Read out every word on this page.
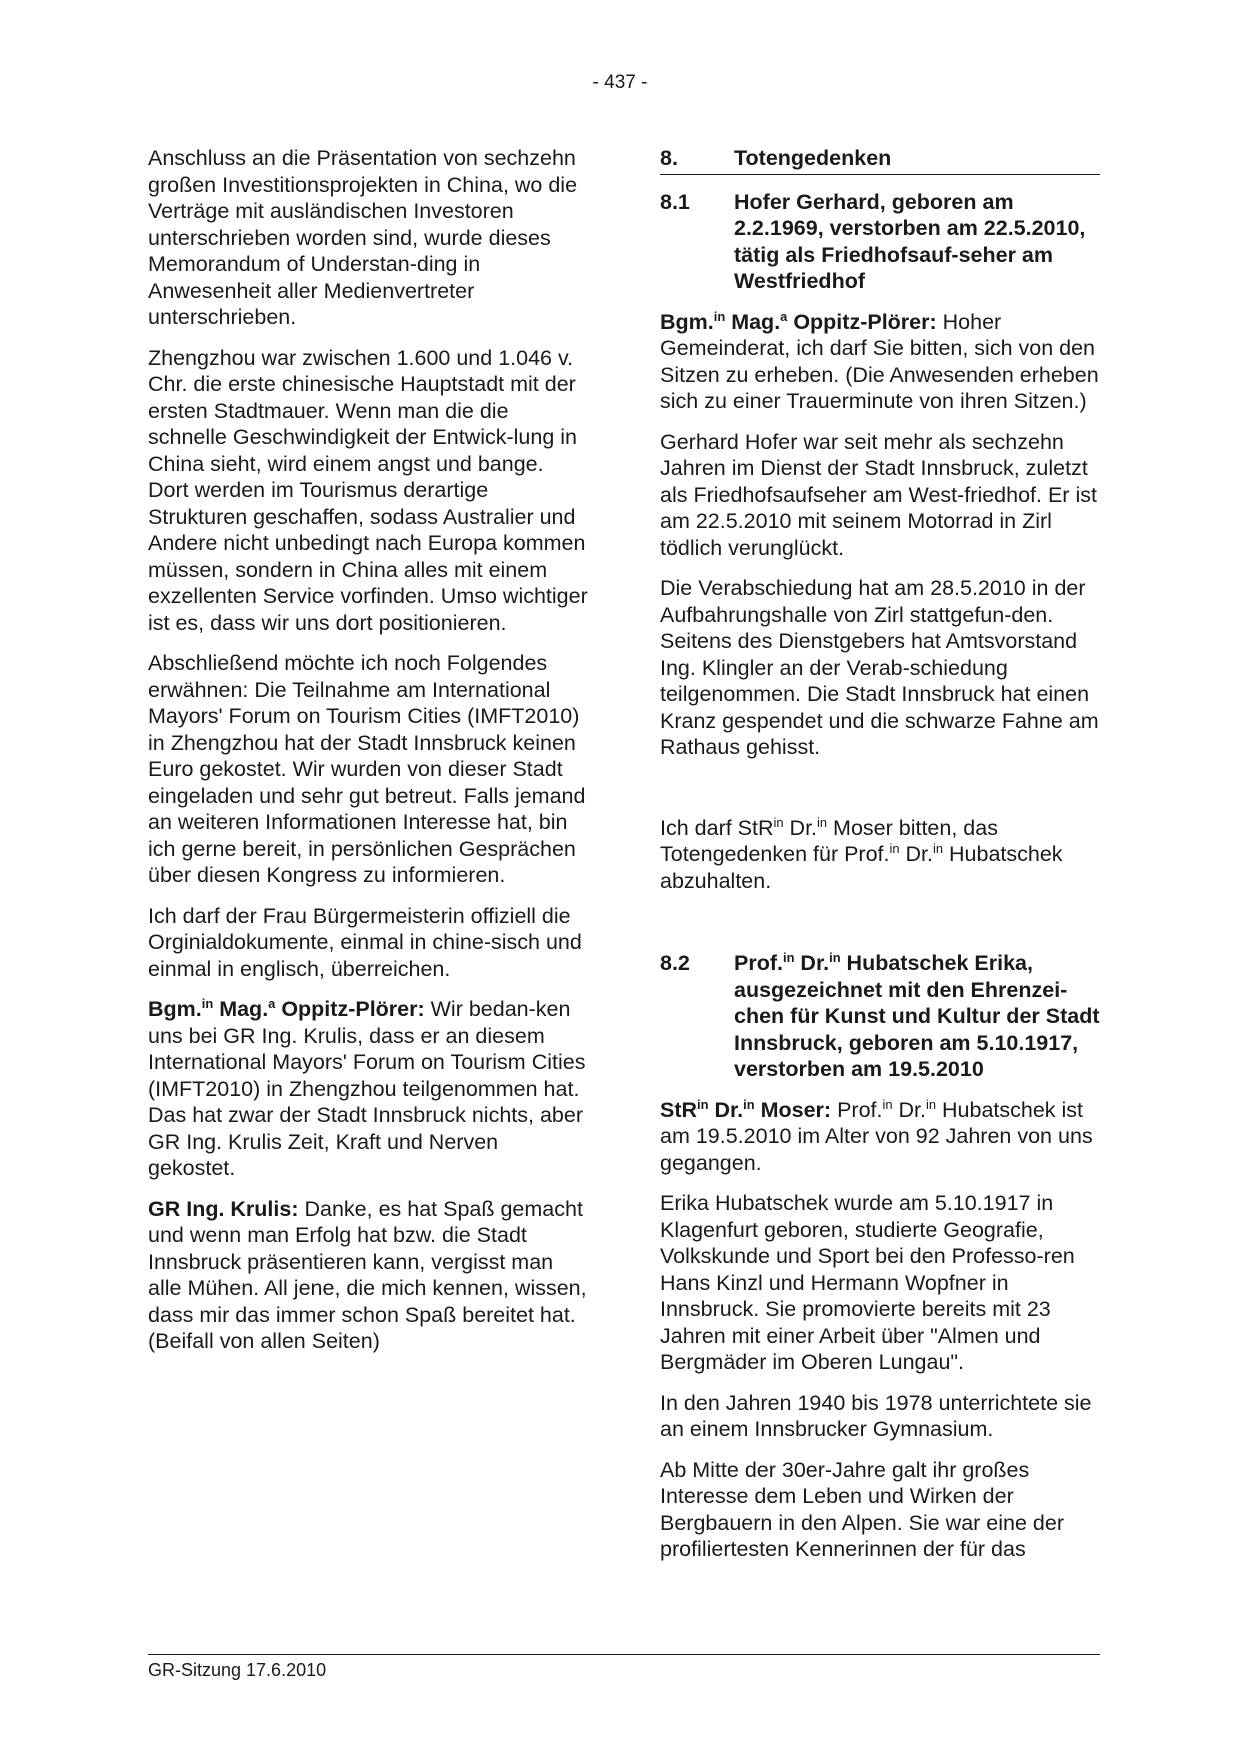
- 437 -

Anschluss an die Präsentation von sechzehn großen Investitionsprojekten in China, wo die Verträge mit ausländischen Investoren unterschrieben worden sind, wurde dieses Memorandum of Understan-ding in Anwesenheit aller Medienvertreter unterschrieben.

Zhengzhou war zwischen 1.600 und 1.046 v. Chr. die erste chinesische Hauptstadt mit der ersten Stadtmauer. Wenn man die die schnelle Geschwindigkeit der Entwick-lung in China sieht, wird einem angst und bange. Dort werden im Tourismus derartige Strukturen geschaffen, sodass Australier und Andere nicht unbedingt nach Europa kommen müssen, sondern in China alles mit einem exzellenten Service vorfinden. Umso wichtiger ist es, dass wir uns dort positionieren.

Abschließend möchte ich noch Folgendes erwähnen: Die Teilnahme am International Mayors' Forum on Tourism Cities (IMFT2010) in Zhengzhou hat der Stadt Innsbruck keinen Euro gekostet. Wir wurden von dieser Stadt eingeladen und sehr gut betreut. Falls jemand an weiteren Informationen Interesse hat, bin ich gerne bereit, in persönlichen Gesprächen über diesen Kongress zu informieren.

Ich darf der Frau Bürgermeisterin offiziell die Orginialdokumente, einmal in chine-sisch und einmal in englisch, überreichen.

Bgm.$^{in}$ Mag.$^a$ Oppitz-Plörer: Wir bedan-ken uns bei GR Ing. Krulis, dass er an diesem International Mayors' Forum on Tourism Cities (IMFT2010) in Zhengzhou teilgenommen hat. Das hat zwar der Stadt Innsbruck nichts, aber GR Ing. Krulis Zeit, Kraft und Nerven gekostet.

GR Ing. Krulis: Danke, es hat Spaß gemacht und wenn man Erfolg hat bzw. die Stadt Innsbruck präsentieren kann, vergisst man alle Mühen. All jene, die mich kennen, wissen, dass mir das immer schon Spaß bereitet hat. (Beifall von allen Seiten)

8.	Totengedenken
8.1	Hofer Gerhard, geboren am 2.2.1969, verstorben am 22.5.2010, tätig als Friedhofsauf-seher am Westfriedhof

Bgm.$^{in}$ Mag.$^a$ Oppitz-Plörer: Hoher Gemeinderat, ich darf Sie bitten, sich von den Sitzen zu erheben. (Die Anwesenden erheben sich zu einer Trauerminute von ihren Sitzen.)

Gerhard Hofer war seit mehr als sechzehn Jahren im Dienst der Stadt Innsbruck, zuletzt als Friedhofsaufseher am West-friedhof. Er ist am 22.5.2010 mit seinem Motorrad in Zirl tödlich verunglückt.

Die Verabschiedung hat am 28.5.2010 in der Aufbahrungshalle von Zirl stattgefun-den. Seitens des Dienstgebers hat Amtsvorstand Ing. Klingler an der Verab-schiedung teilgenommen. Die Stadt Innsbruck hat einen Kranz gespendet und die schwarze Fahne am Rathaus gehisst.

Ich darf StR$^{in}$ Dr.$^{in}$ Moser bitten, das Totengedenken für Prof.$^{in}$ Dr.$^{in}$ Hubatschek abzuhalten.

8.2	Prof.$^{in}$ Dr.$^{in}$ Hubatschek Erika, ausgezeichnet mit den Ehrenzei-chen für Kunst und Kultur der Stadt Innsbruck, geboren am 5.10.1917, verstorben am 19.5.2010

StR$^{in}$ Dr.$^{in}$ Moser: Prof.$^{in}$ Dr.$^{in}$ Hubatschek ist am 19.5.2010 im Alter von 92 Jahren von uns gegangen.

Erika Hubatschek wurde am 5.10.1917 in Klagenfurt geboren, studierte Geografie, Volkskunde und Sport bei den Professo-ren Hans Kinzl und Hermann Wopfner in Innsbruck. Sie promovierte bereits mit 23 Jahren mit einer Arbeit über "Almen und Bergmäder im Oberen Lungau".

In den Jahren 1940 bis 1978 unterrichtete sie an einem Innsbrucker Gymnasium.

Ab Mitte der 30er-Jahre galt ihr großes Interesse dem Leben und Wirken der Bergbauern in den Alpen. Sie war eine der profiliertesten Kennerinnen der für das

GR-Sitzung 17.6.2010
